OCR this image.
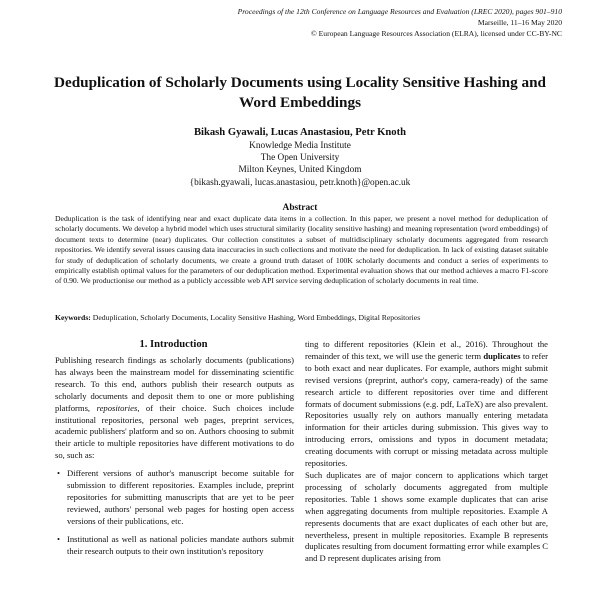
Proceedings of the 12th Conference on Language Resources and Evaluation (LREC 2020), pages 901–910
Marseille, 11–16 May 2020
© European Language Resources Association (ELRA), licensed under CC-BY-NC
Deduplication of Scholarly Documents using Locality Sensitive Hashing and Word Embeddings
Bikash Gyawali, Lucas Anastasiou, Petr Knoth
Knowledge Media Institute
The Open University
Milton Keynes, United Kingdom
{bikash.gyawali, lucas.anastasiou, petr.knoth}@open.ac.uk
Abstract
Deduplication is the task of identifying near and exact duplicate data items in a collection. In this paper, we present a novel method for deduplication of scholarly documents. We develop a hybrid model which uses structural similarity (locality sensitive hashing) and meaning representation (word embeddings) of document texts to determine (near) duplicates. Our collection constitutes a subset of multidisciplinary scholarly documents aggregated from research repositories. We identify several issues causing data inaccuracies in such collections and motivate the need for deduplication. In lack of existing dataset suitable for study of deduplication of scholarly documents, we create a ground truth dataset of 100K scholarly documents and conduct a series of experiments to empirically establish optimal values for the parameters of our deduplication method. Experimental evaluation shows that our method achieves a macro F1-score of 0.90. We productionise our method as a publicly accessible web API service serving deduplication of scholarly documents in real time.
Keywords: Deduplication, Scholarly Documents, Locality Sensitive Hashing, Word Embeddings, Digital Repositories
1. Introduction

Publishing research findings as scholarly documents (publications) has always been the mainstream model for disseminating scientific research. To this end, authors publish their research outputs as scholarly documents and deposit them to one or more publishing platforms, repositories, of their choice. Such choices include institutional repositories, personal web pages, preprint services, academic publishers' platform and so on. Authors choosing to submit their article to multiple repositories have different motivations to do so, such as:

• Different versions of author's manuscript become suitable for submission to different repositories. Examples include, preprint repositories for submitting manuscripts that are yet to be peer reviewed, authors' personal web pages for hosting open access versions of their publications, etc.
• Institutional as well as national policies mandate authors submit their research outputs to their own institution's repository

ting to different repositories (Klein et al., 2016). Throughout the remainder of this text, we will use the generic term duplicates to refer to both exact and near duplicates. For example, authors might submit revised versions (preprint, author's copy, camera-ready) of the same research article to different repositories over time and different formats of document submissions (e.g. pdf, LaTeX) are also prevalent. Repositories usually rely on authors manually entering metadata information for their articles during submission. This gives way to introducing errors, omissions and typos in document metadata; creating documents with corrupt or missing metadata across multiple repositories.

Such duplicates are of major concern to applications which target processing of scholarly documents aggregated from multiple repositories. Table 1 shows some example duplicates that can arise when aggregating documents from multiple repositories. Example A represents documents that are exact duplicates of each other but are, nevertheless, present in multiple repositories. Example B represents duplicates resulting from document formatting error while examples C and D represent duplicates arising from
